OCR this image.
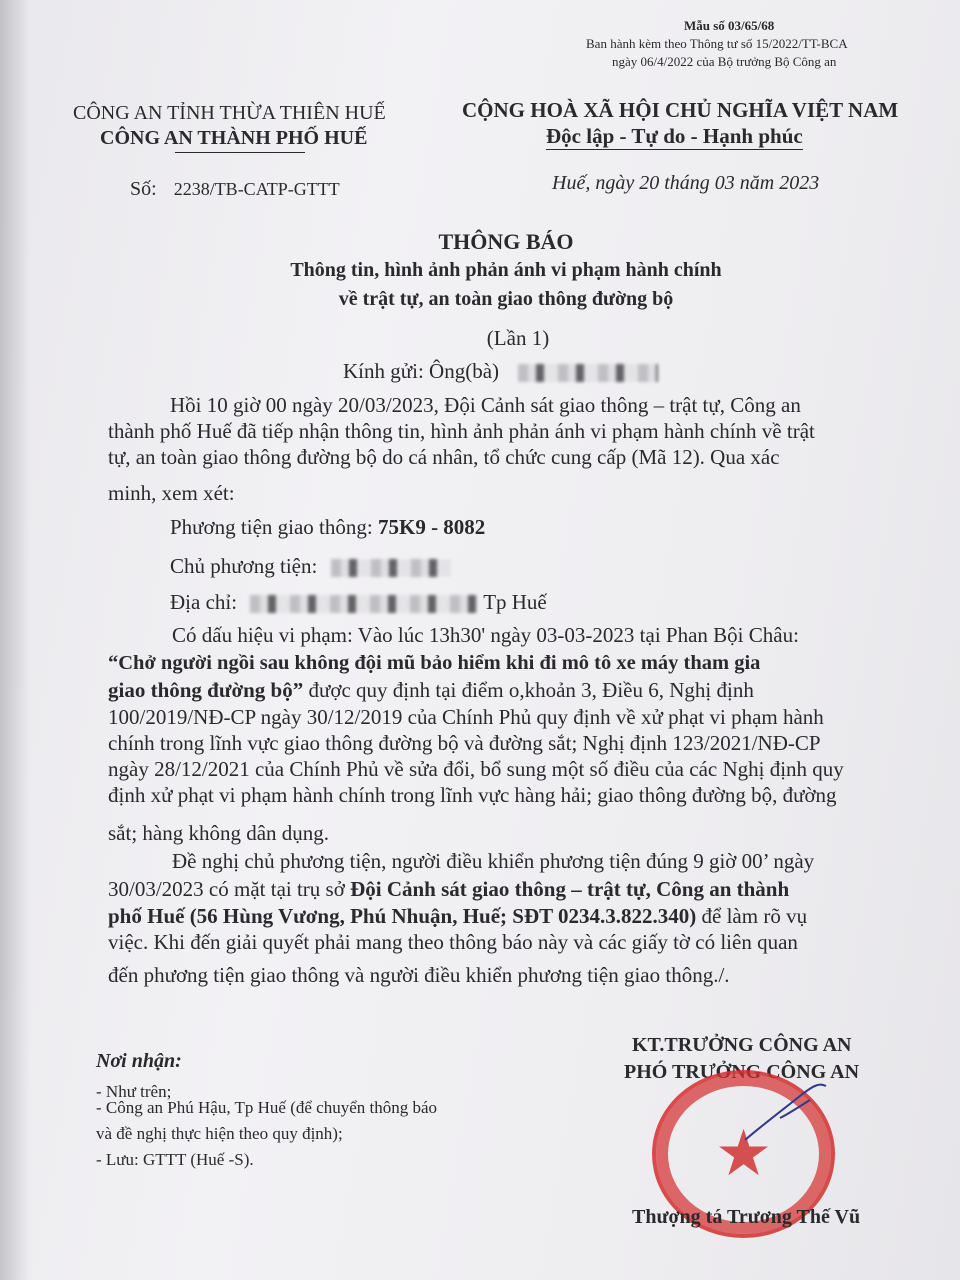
Mẫu số 03/65/68
Ban hành kèm theo Thông tư số 15/2022/TT-BCA
ngày 06/4/2022 của Bộ trưởng Bộ Công an
CÔNG AN TỈNH THỪA THIÊN HUẾ
CÔNG AN THÀNH PHỐ HUẾ
Số: 2238/TB-CATP-GTTT
CỘNG HOÀ XÃ HỘI CHỦ NGHĨA VIỆT NAM
Độc lập - Tự do - Hạnh phúc
Huế, ngày 20 tháng 03 năm 2023
THÔNG BÁO
Thông tin, hình ảnh phản ánh vi phạm hành chính
về trật tự, an toàn giao thông đường bộ
(Lần 1)
Kính gửi: Ông(bà)
Hồi 10 giờ 00 ngày 20/03/2023, Đội Cảnh sát giao thông – trật tự, Công an
thành phố Huế đã tiếp nhận thông tin, hình ảnh phản ánh vi phạm hành chính về trật
tự, an toàn giao thông đường bộ do cá nhân, tổ chức cung cấp (Mã 12). Qua xác
minh, xem xét:
Phương tiện giao thông: 75K9 - 8082
Chủ phương tiện:
Địa chỉ:	Tp Huế
Có dấu hiệu vi phạm: Vào lúc 13h30' ngày 03-03-2023 tại Phan Bội Châu:
“Chở người ngồi sau không đội mũ bảo hiểm khi đi mô tô xe máy tham gia
giao thông đường bộ” được quy định tại điểm o,khoản 3, Điều 6, Nghị định
100/2019/NĐ-CP ngày 30/12/2019 của Chính Phủ quy định về xử phạt vi phạm hành
chính trong lĩnh vực giao thông đường bộ và đường sắt; Nghị định 123/2021/NĐ-CP
ngày 28/12/2021 của Chính Phủ về sửa đổi, bổ sung một số điều của các Nghị định quy
định xử phạt vi phạm hành chính trong lĩnh vực hàng hải; giao thông đường bộ, đường
sắt; hàng không dân dụng.
Đề nghị chủ phương tiện, người điều khiển phương tiện đúng 9 giờ 00’ ngày
30/03/2023 có mặt tại trụ sở Đội Cảnh sát giao thông – trật tự, Công an thành
phố Huế (56 Hùng Vương, Phú Nhuận, Huế; SĐT 0234.3.822.340) để làm rõ vụ
việc. Khi đến giải quyết phải mang theo thông báo này và các giấy tờ có liên quan
đến phương tiện giao thông và người điều khiển phương tiện giao thông./.
Nơi nhận:
- Như trên;
- Công an Phú Hậu, Tp Huế (để chuyển thông báo
và đề nghị thực hiện theo quy định);
- Lưu: GTTT (Huế -S).
KT.TRƯỞNG CÔNG AN
PHÓ TRƯỞNG CÔNG AN
★
Thượng tá Trương Thế Vũ
